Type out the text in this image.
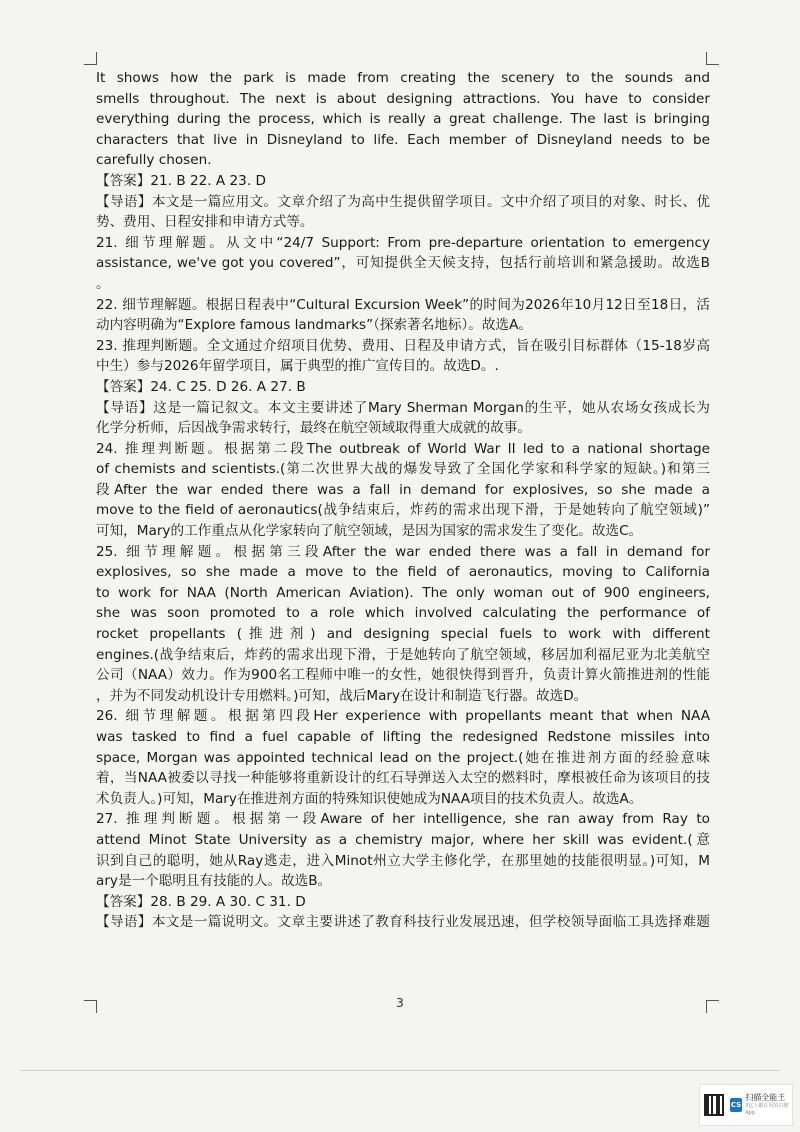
It shows how the park is made from creating the scenery to the sounds and
smells throughout. The next is about designing attractions. You have to consider
everything during the process, which is really a great challenge. The last is bringing
characters that live in Disneyland to life. Each member of Disneyland needs to be
carefully chosen.
【答案】21. B 22. A 23. D
【导语】本文是一篇应用文。文章介绍了为高中生提供留学项目。文中介绍了项目的对象、时长、优
势、费用、日程安排和申请方式等。
21. 细节理解题。从文中“24/7 Support: From pre-departure orientation to emergency
assistance, we've got you covered”，可知提供全天候支持，包括行前培训和紧急援助。故选B
。
22. 细节理解题。根据日程表中“Cultural Excursion Week”的时间为2026年10月12日至18日，活
动内容明确为“Explore famous landmarks”（探索著名地标）。故选A。
23. 推理判断题。全文通过介绍项目优势、费用、日程及申请方式，旨在吸引目标群体（15-18岁高
中生）参与2026年留学项目，属于典型的推广宣传目的。故选D。.
【答案】24. C 25. D 26. A 27. B
【导语】这是一篇记叙文。本文主要讲述了Mary Sherman Morgan的生平，她从农场女孩成长为
化学分析师，后因战争需求转行，最终在航空领域取得重大成就的故事。
24. 推理判断题。根据第二段The outbreak of World War II led to a national shortage
of chemists and scientists.(第二次世界大战的爆发导致了全国化学家和科学家的短缺。)和第三
段After the war ended there was a fall in demand for explosives, so she made a
move to the field of aeronautics(战争结束后，炸药的需求出现下滑，于是她转向了航空领域)”
可知，Mary的工作重点从化学家转向了航空领域，是因为国家的需求发生了变化。故选C。
25. 细节理解题。根据第三段After the war ended there was a fall in demand for
explosives, so she made a move to the field of aeronautics, moving to California
to work for NAA (North American Aviation). The only woman out of 900 engineers,
she was soon promoted to a role which involved calculating the performance of
rocket propellants (推进剂) and designing special fuels to work with different
engines.(战争结束后，炸药的需求出现下滑，于是她转向了航空领域，移居加利福尼亚为北美航空
公司（NAA）效力。作为900名工程师中唯一的女性，她很快得到晋升，负责计算火箭推进剂的性能
，并为不同发动机设计专用燃料。)可知，战后Mary在设计和制造飞行器。故选D。
26. 细节理解题。根据第四段Her experience with propellants meant that when NAA
was tasked to find a fuel capable of lifting the redesigned Redstone missiles into
space, Morgan was appointed technical lead on the project.(她在推进剂方面的经验意味
着，当NAA被委以寻找一种能够将重新设计的红石导弹送入太空的燃料时，摩根被任命为该项目的技
术负责人。)可知，Mary在推进剂方面的特殊知识使她成为NAA项目的技术负责人。故选A。
27. 推理判断题。根据第一段Aware of her intelligence, she ran away from Ray to
attend Minot State University as a chemistry major, where her skill was evident.(意
识到自己的聪明，她从Ray逃走，进入Minot州立大学主修化学，在那里她的技能很明显。)可知，M
ary是一个聪明且有技能的人。故选B。
【答案】28. B 29. A 30. C 31. D
【导语】本文是一篇说明文。文章主要讲述了教育科技行业发展迅速，但学校领导面临工具选择难题
3
CS
扫描全能王
3亿人都在用的扫描App
